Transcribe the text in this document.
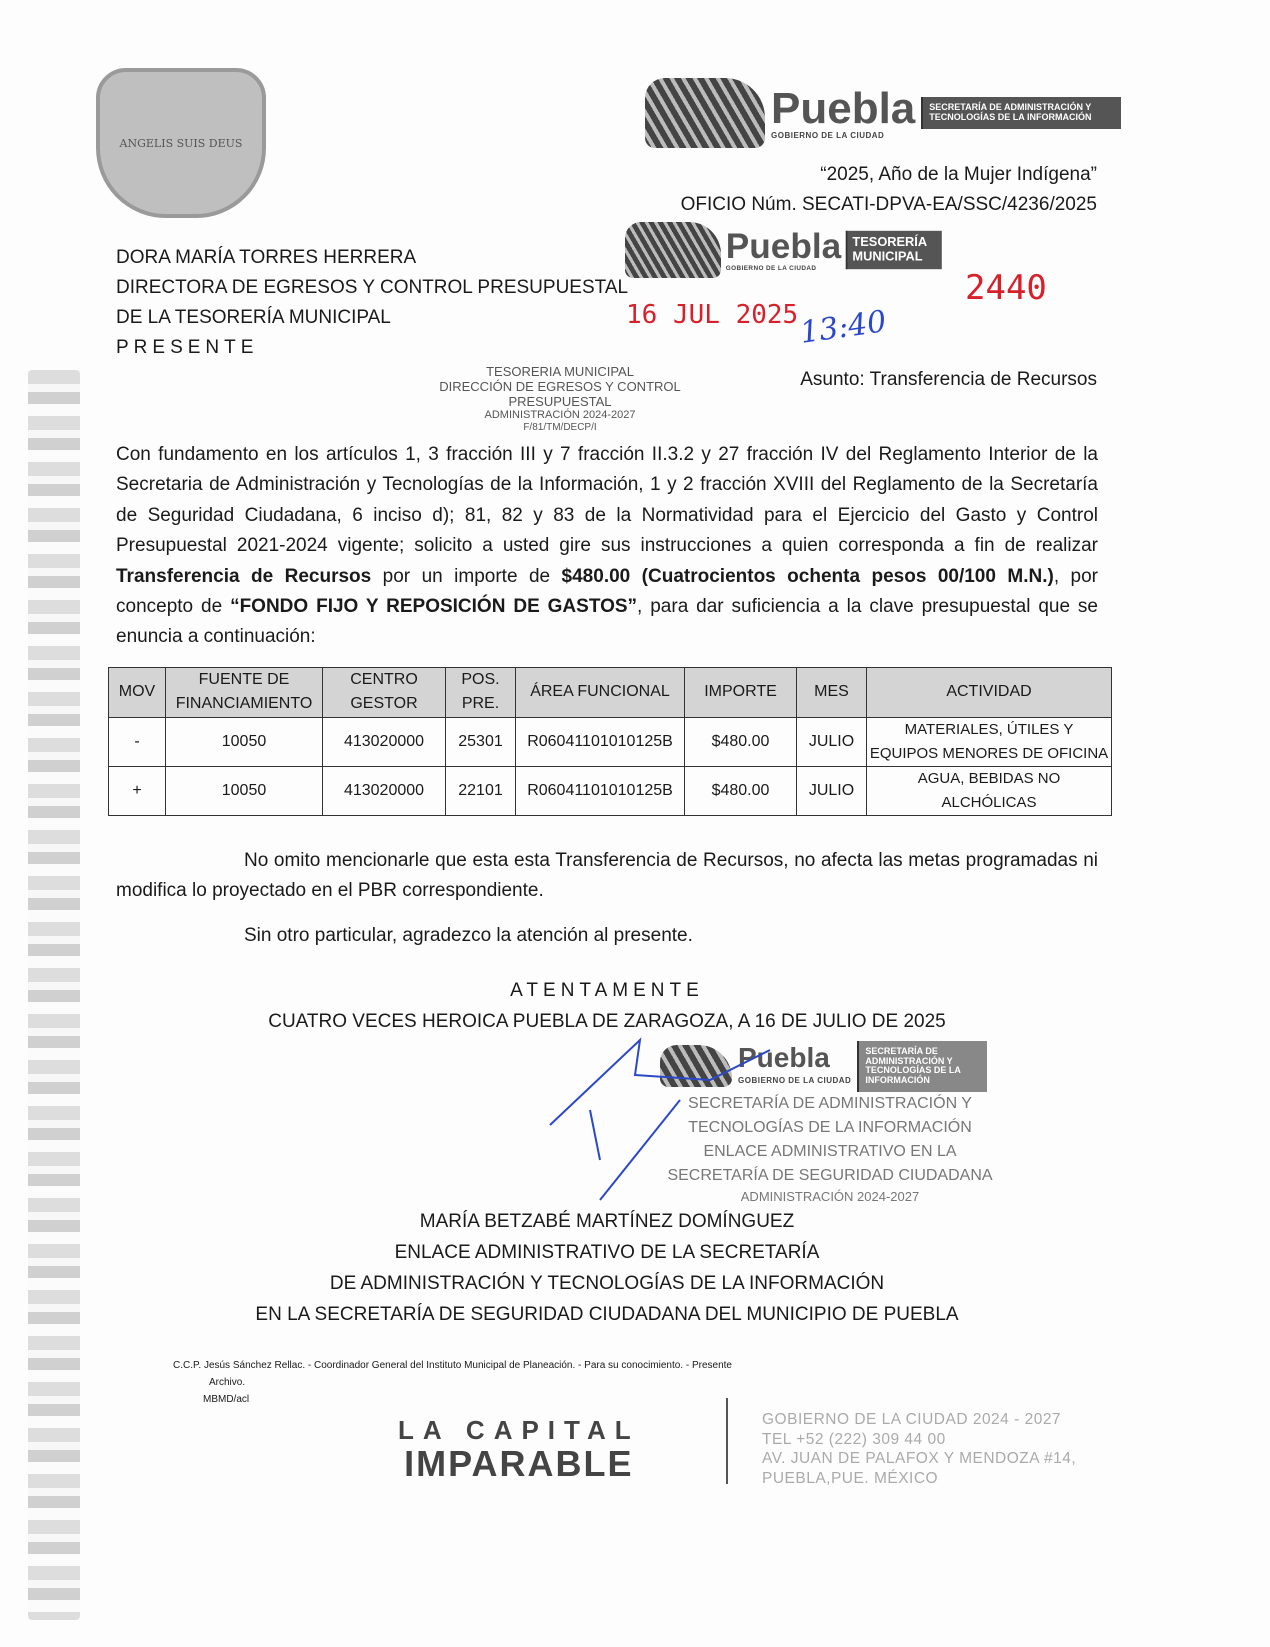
ANGELIS SUIS DEUS
Puebla
GOBIERNO DE LA CIUDAD
SECRETARÍA DE ADMINISTRACIÓN Y TECNOLOGÍAS DE LA INFORMACIÓN
“2025, Año de la Mujer Indígena”
OFICIO Núm. SECATI-DPVA-EA/SSC/4236/2025
DORA MARÍA TORRES HERRERA
DIRECTORA DE EGRESOS Y CONTROL PRESUPUESTAL
DE LA TESORERÍA MUNICIPAL
PRESENTE
Puebla
GOBIERNO DE LA CIUDAD
TESORERÍA MUNICIPAL
2440
16 JUL 2025 13:40
TESORERIA MUNICIPAL
DIRECCIÓN DE EGRESOS Y CONTROL
PRESUPUESTAL
ADMINISTRACIÓN 2024-2027
F/81/TM/DECP/I
Asunto: Transferencia de Recursos
Con fundamento en los artículos 1, 3 fracción III y 7 fracción II.3.2 y 27 fracción IV del Reglamento Interior de la Secretaria de Administración y Tecnologías de la Información, 1 y 2 fracción XVIII del Reglamento de la Secretaría de Seguridad Ciudadana, 6 inciso d); 81, 82 y 83 de la Normatividad para el Ejercicio del Gasto y Control Presupuestal 2021-2024 vigente; solicito a usted gire sus instrucciones a quien corresponda a fin de realizar Transferencia de Recursos por un importe de $480.00 (Cuatrocientos ochenta pesos 00/100 M.N.), por concepto de “FONDO FIJO Y REPOSICIÓN DE GASTOS”, para dar suficiencia a la clave presupuestal que se enuncia a continuación:
MOV	FUENTE DE FINANCIAMIENTO	CENTRO GESTOR	POS. PRE.	ÁREA FUNCIONAL	IMPORTE	MES	ACTIVIDAD
-	10050	413020000	25301	R06041101010125B	$480.00	JULIO	MATERIALES, ÚTILES Y EQUIPOS MENORES DE OFICINA
+	10050	413020000	22101	R06041101010125B	$480.00	JULIO	AGUA, BEBIDAS NO ALCHÓLICAS
No omito mencionarle que esta esta Transferencia de Recursos, no afecta las metas programadas ni modifica lo proyectado en el PBR correspondiente.
Sin otro particular, agradezco la atención al presente.
ATENTAMENTE
CUATRO VECES HEROICA PUEBLA DE ZARAGOZA, A 16 DE JULIO DE 2025
Puebla
GOBIERNO DE LA CIUDAD
SECRETARÍA DE ADMINISTRACIÓN Y TECNOLOGÍAS DE LA INFORMACIÓN
SECRETARÍA DE ADMINISTRACIÓN Y
TECNOLOGÍAS DE LA INFORMACIÓN
ENLACE ADMINISTRATIVO EN LA
SECRETARÍA DE SEGURIDAD CIUDADANA
ADMINISTRACIÓN 2024-2027
MARÍA BETZABÉ MARTÍNEZ DOMÍNGUEZ
ENLACE ADMINISTRATIVO DE LA SECRETARÍA
DE ADMINISTRACIÓN Y TECNOLOGÍAS DE LA INFORMACIÓN
EN LA SECRETARÍA DE SEGURIDAD CIUDADANA DEL MUNICIPIO DE PUEBLA
C.C.P. Jesús Sánchez Rellac. - Coordinador General del Instituto Municipal de Planeación. - Para su conocimiento. - Presente
Archivo.
MBMD/acl
LA CAPITAL
IMPARABLE
GOBIERNO DE LA CIUDAD 2024 - 2027
TEL +52 (222) 309 44 00
AV. JUAN DE PALAFOX Y MENDOZA #14,
PUEBLA,PUE. MÉXICO
